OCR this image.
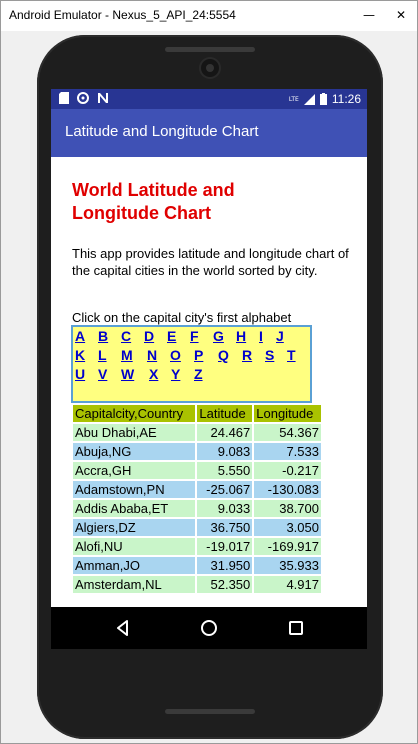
Android Emulator - Nexus_5_API_24:5554	— ✕
LTE	11:26
Latitude and Longitude Chart
World Latitude and Longitude Chart
This app provides latitude and longitude chart of the capital cities in the world sorted by city.
Click on the capital city's first alphabet
A B C D E F G H I J
K L M N O P Q R S T
U V W X Y Z
Capitalcity,Country	Latitude	Longitude
Abu Dhabi,AE	24.467	54.367
Abuja,NG	9.083	7.533
Accra,GH	5.550	-0.217
Adamstown,PN	-25.067	-130.083
Addis Ababa,ET	9.033	38.700
Algiers,DZ	36.750	3.050
Alofi,NU	-19.017	-169.917
Amman,JO	31.950	35.933
Amsterdam,NL	52.350	4.917
